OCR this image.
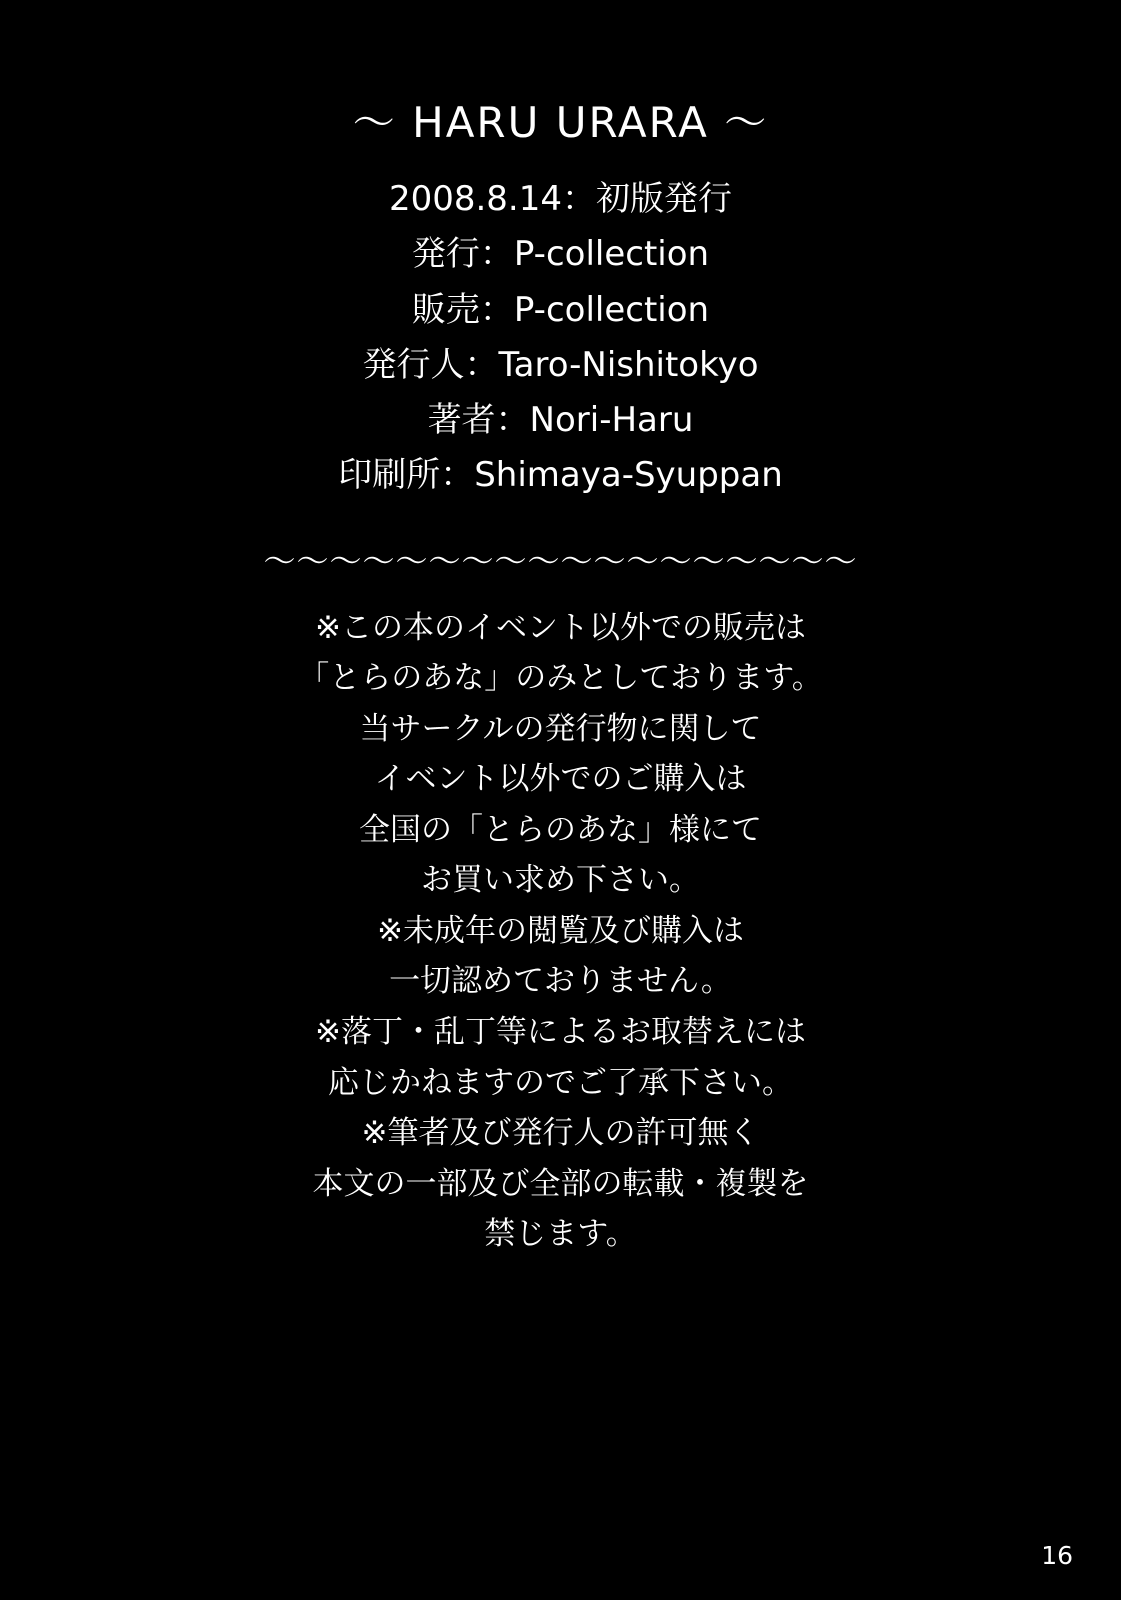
〜 HARU URARA 〜
2008.8.14：初版発行
発行：P-collection
販売：P-collection
発行人：Taro-Nishitokyo
著者：Nori-Haru
印刷所：Shimaya-Syuppan
〜〜〜〜〜〜〜〜〜〜〜〜〜〜〜〜〜〜
※この本のイベント以外での販売は
「とらのあな」のみとしております。
当サークルの発行物に関して
イベント以外でのご購入は
全国の「とらのあな」様にて
お買い求め下さい。
※未成年の閲覧及び購入は
一切認めておりません。
※落丁・乱丁等によるお取替えには
応じかねますのでご了承下さい。
※筆者及び発行人の許可無く
本文の一部及び全部の転載・複製を
禁じます。
16
